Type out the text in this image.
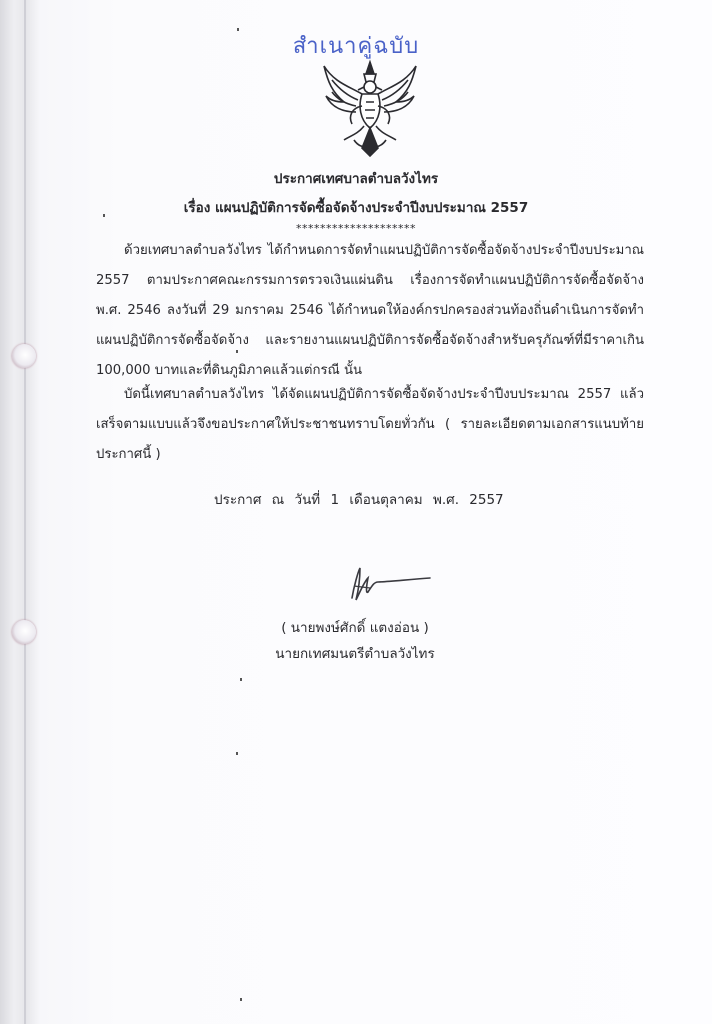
สำเนาคู่ฉบับ
ประกาศเทศบาลตำบลวังไทร
เรื่อง แผนปฏิบัติการจัดซื้อจัดจ้างประจำปีงบประมาณ 2557
********************
ด้วยเทศบาลตำบลวังไทร ได้กำหนดการจัดทำแผนปฏิบัติการจัดซื้อจัดจ้างประจำปีงบประมาณ 2557 ตามประกาศคณะกรรมการตรวจเงินแผ่นดิน เรื่องการจัดทำแผนปฏิบัติการจัดซื้อจัดจ้าง พ.ศ. 2546 ลงวันที่ 29 มกราคม 2546 ได้กำหนดให้องค์กรปกครองส่วนท้องถิ่นดำเนินการจัดทำแผนปฏิบัติการจัดซื้อจัดจ้าง และรายงานแผนปฏิบัติการจัดซื้อจัดจ้างสำหรับครุภัณฑ์ที่มีราคาเกิน 100,000 บาทและที่ดินภูมิภาคแล้วแต่กรณี นั้น
บัดนี้เทศบาลตำบลวังไทร ได้จัดแผนปฏิบัติการจัดซื้อจัดจ้างประจำปีงบประมาณ 2557 แล้วเสร็จตามแบบแล้วจึงขอประกาศให้ประชาชนทราบโดยทั่วกัน ( รายละเอียดตามเอกสารแนบท้ายประกาศนี้ )
ประกาศ ณ วันที่ 1 เดือนตุลาคม พ.ศ. 2557
( นายพงษ์ศักดิ์ แตงอ่อน )
นายกเทศมนตรีตำบลวังไทร
